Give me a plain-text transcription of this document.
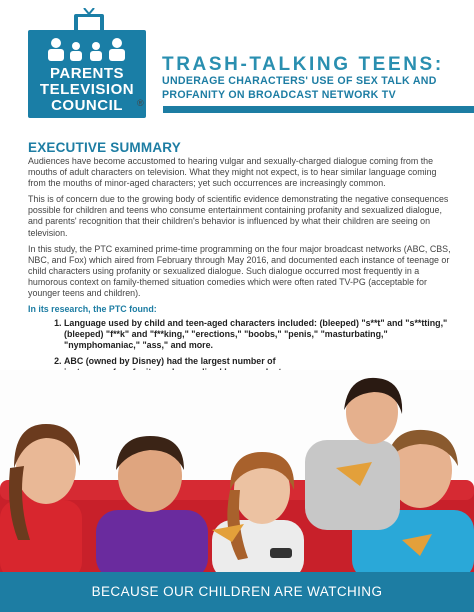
PARENTS
TELEVISION
COUNCIL	®
TRASH-TALKING TEENS:
UNDERAGE CHARACTERS' USE OF SEX TALK AND PROFANITY ON BROADCAST NETWORK TV
EXECUTIVE SUMMARY

Audiences have become accustomed to hearing vulgar and sexually-charged dialogue coming from the mouths of adult characters on television. What they might not expect, is to hear similar language coming from the mouths of minor-aged characters; yet such occurrences are increasingly common.

This is of concern due to the growing body of scientific evidence demonstrating the negative consequences possible for children and teens who consume entertainment containing profanity and sexualized dialogue, and parents' recognition that their children's behavior is influenced by what their children are seeing on television.

In this study, the PTC examined prime-time programming on the four major broadcast networks (ABC, CBS, NBC, and Fox) which aired from February through May 2016, and documented each instance of teenage or child characters using profanity or sexualized dialogue. Such dialogue occurred most frequently in a humorous context on family-themed situation comedies which were often rated TV-PG (acceptable for younger teens and children).

In its research, the PTC found:
1. Language used by child and teen-aged characters included: (bleeped) "s**t" and "s**tting," (bleeped) "f**k" and "f**king," "erections," "boobs," "penis," "masturbating," "nymphomaniac," "ass," and more.
2. ABC (owned by Disney) had the largest number of
BECAUSE OUR CHILDREN ARE WATCHING
